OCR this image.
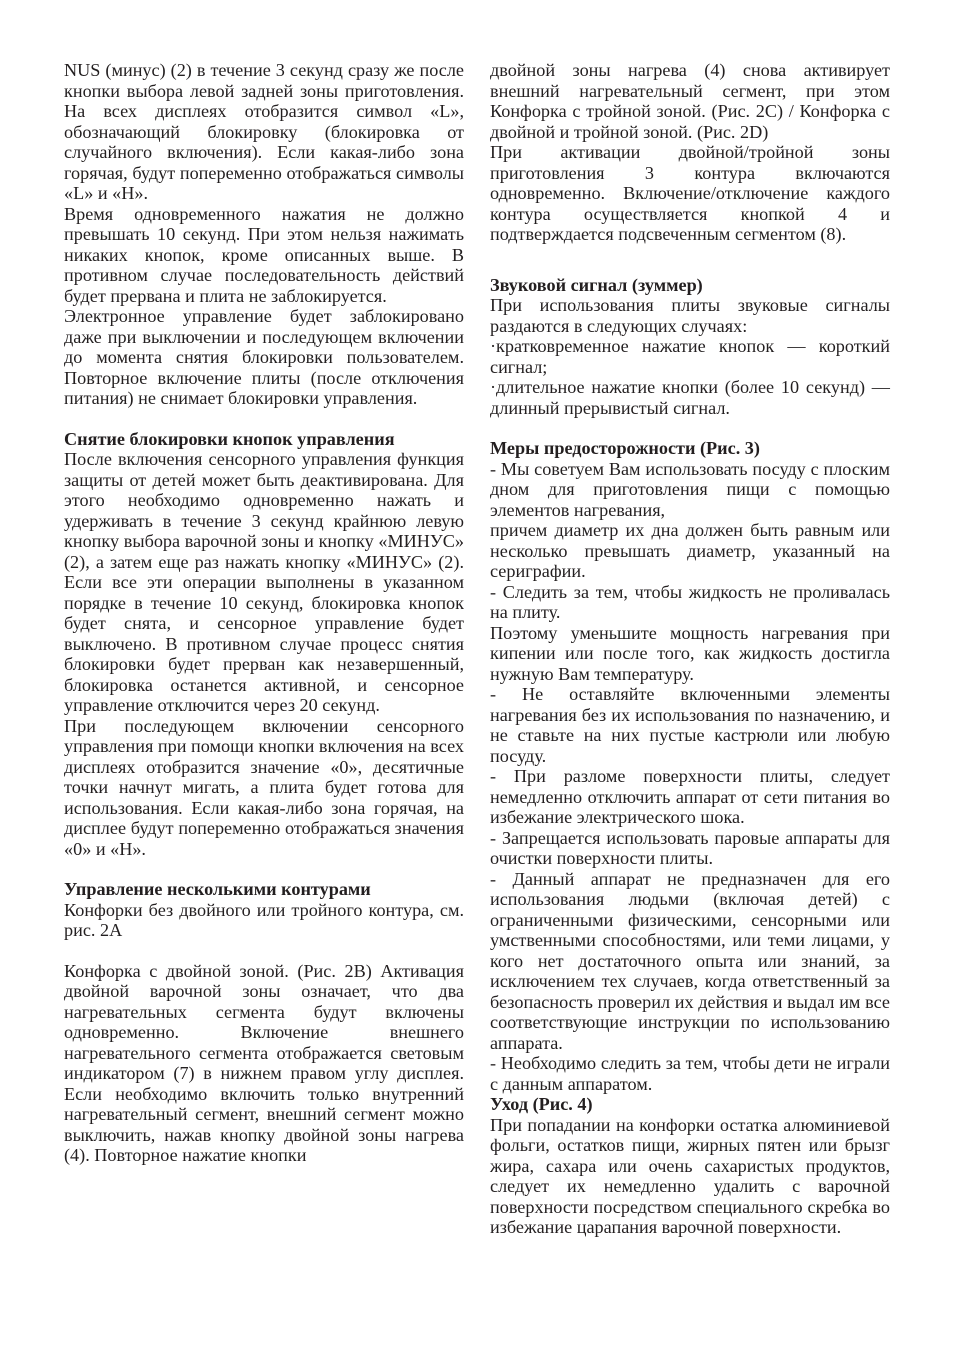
NUS (минус) (2) в течение 3 секунд сразу же после кнопки выбора левой задней зоны приготовления. На всех дисплеях отобразится символ «L», обозначающий блокировку (блокировка от случайного включения). Если какая-либо зона горячая, будут попеременно отображаться символы «L» и «H».

Время одновременного нажатия не должно превышать 10 секунд. При этом нельзя нажимать никаких кнопок, кроме описанных выше. В противном случае последовательность действий будет прервана и плита не заблокируется.

Электронное управление будет заблокировано даже при выключении и последующем включении до момента снятия блокировки пользователем. Повторное включение плиты (после отключения питания) не снимает блокировки управления.

Снятие блокировки кнопок управления

После включения сенсорного управления функция защиты от детей может быть деактивирована. Для этого необходимо одновременно нажать и удерживать в течение 3 секунд крайнюю левую кнопку выбора варочной зоны и кнопку «МИНУС» (2), а затем еще раз нажать кнопку «МИНУС» (2). Если все эти операции выполнены в указанном порядке в течение 10 секунд, блокировка кнопок будет снята, и сенсорное управление будет выключено. В противном случае процесс снятия блокировки будет прерван как незавершенный, блокировка останется активной, и сенсорное управление отключится через 20 секунд.

При последующем включении сенсорного управления при помощи кнопки включения на всех дисплеях отобразится значение «0», десятичные точки начнут мигать, а плита будет готова для использования. Если какая-либо зона горячая, на дисплее будут попеременно отображаться значения «0» и «H».

Управление несколькими контурами

Конфорки без двойного или тройного контура, см. рис. 2А

Конфорка с двойной зоной. (Рис. 2В) Активация двойной варочной зоны означает, что два нагревательных сегмента будут включены одновременно. Включение внешнего нагревательного сегмента отображается световым индикатором (7) в нижнем правом углу дисплея. Если необходимо включить только внутренний нагревательный сегмент, внешний сегмент можно выключить, нажав кнопку двойной зоны нагрева (4). Повторное нажатие кнопки

двойной зоны нагрева (4) снова активирует внешний нагревательный сегмент, при этом Конфорка с тройной зоной. (Рис. 2С) / Конфорка с двойной и тройной зоной. (Рис. 2D)

При активации двойной/тройной зоны приготовления 3 контура включаются одновременно. Включение/отключение каждого контура осуществляется кнопкой 4 и подтверждается подсвеченным сегментом (8).

Звуковой сигнал (зуммер)

При использования плиты звуковые сигналы раздаются в следующих случаях:

·кратковременное нажатие кнопок — короткий сигнал;

·длительное нажатие кнопки (более 10 секунд) — длинный прерывистый сигнал.

Меры предосторожности (Рис. 3)

- Мы советуем Вам использовать посуду с плоским дном для приготовления пищи с помощью элементов нагревания,

причем диаметр их дна должен быть равным или несколько превышать диаметр, указанный на сериграфии.

- Следить за тем, чтобы жидкость не проливалась на плиту.

Поэтому уменьшите мощность нагревания при кипении или после того, как жидкость достигла нужную Вам температуру.

- Не оставляйте включенными элементы нагревания без их использования по назначению, и не ставьте на них пустые кастрюли или любую посуду.

- При разломе поверхности плиты, следует немедленно отключить аппарат от сети питания во избежание электрического шока.

- Запрещается использовать паровые аппараты для очистки поверхности плиты.

- Данный аппарат не предназначен для его использования людьми (включая детей) с ограниченными физическими, сенсорными или умственными способностями, или теми лицами, у кого нет достаточного опыта или знаний, за исключением тех случаев, когда ответственный за безопасность проверил их действия и выдал им все соответствующие инструкции по использованию аппарата.

- Необходимо следить за тем, чтобы дети не играли с данным аппаратом.

Уход (Рис. 4)

При попадании на конфорки остатка алюминиевой фольги, остатков пищи, жирных пятен или брызг жира, сахара или очень сахаристых продуктов, следует их немедленно удалить с варочной поверхности посредством специального скребка во избежание царапания варочной поверхности.
